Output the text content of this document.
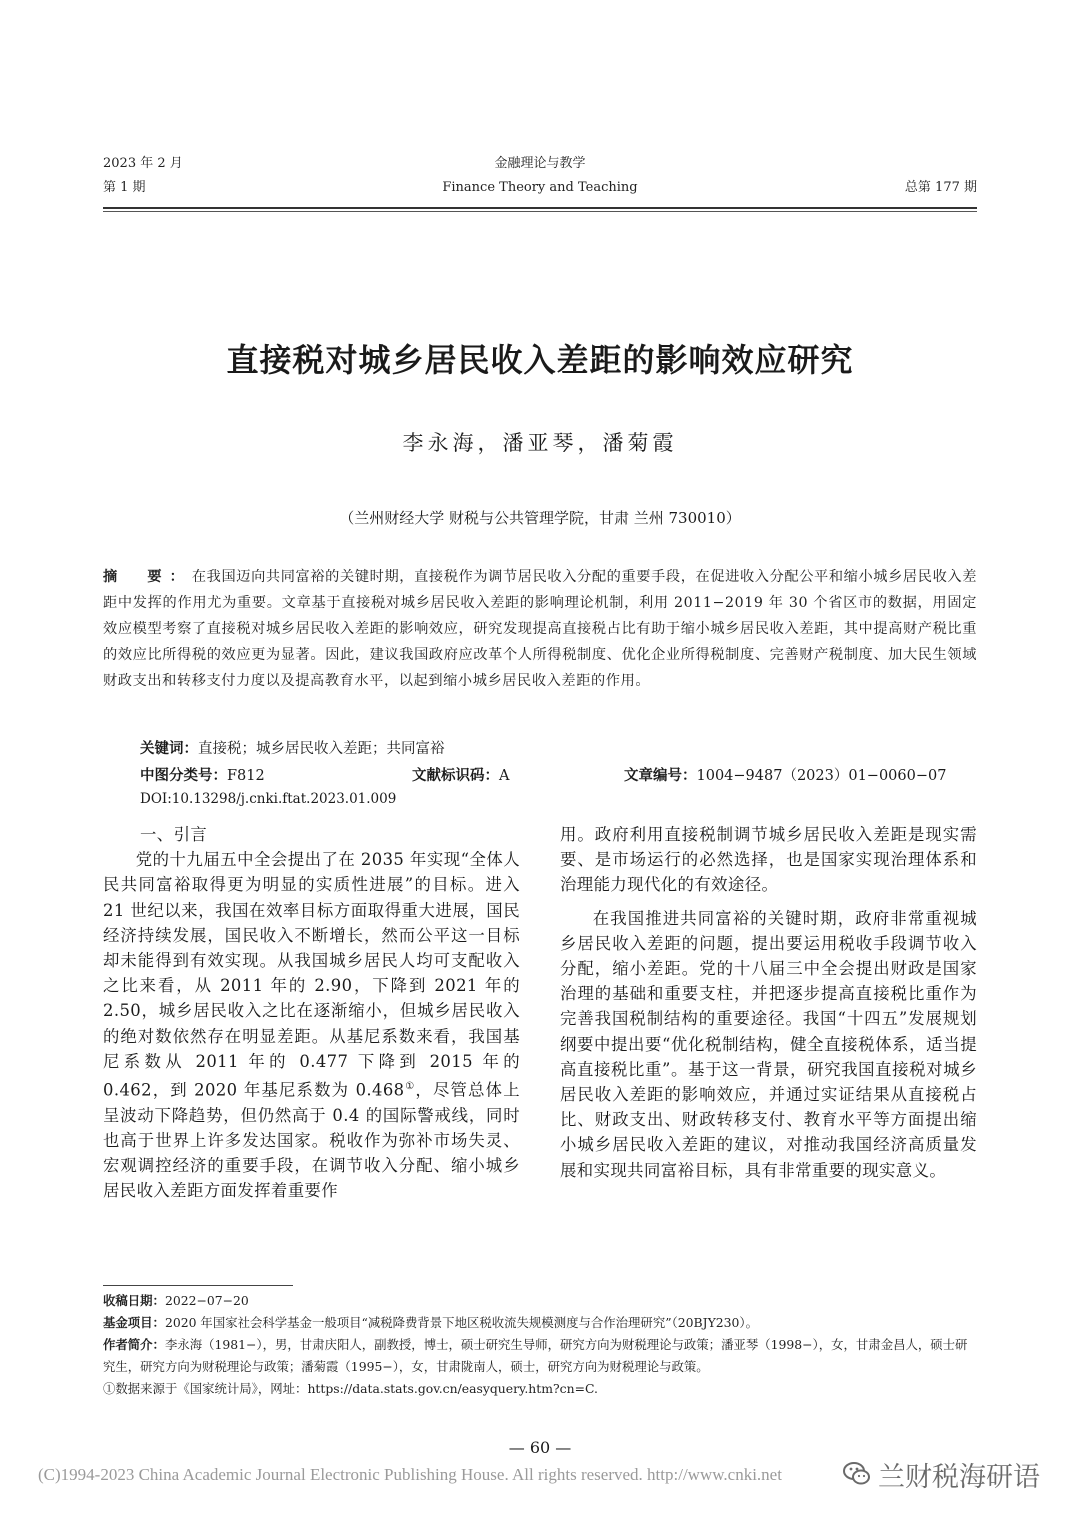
2023 年 2 月
第 1 期
金融理论与教学
Finance Theory and Teaching	总第 177 期
直接税对城乡居民收入差距的影响效应研究
李永海，潘亚琴，潘菊霞
（兰州财经大学 财税与公共管理学院，甘肃 兰州 730010）
摘　要：在我国迈向共同富裕的关键时期，直接税作为调节居民收入分配的重要手段，在促进收入分配公平和缩小城乡居民收入差距中发挥的作用尤为重要。文章基于直接税对城乡居民收入差距的影响理论机制，利用 2011−2019 年 30 个省区市的数据，用固定效应模型考察了直接税对城乡居民收入差距的影响效应，研究发现提高直接税占比有助于缩小城乡居民收入差距，其中提高财产税比重的效应比所得税的效应更为显著。因此，建议我国政府应改革个人所得税制度、优化企业所得税制度、完善财产税制度、加大民生领域财政支出和转移支付力度以及提高教育水平，以起到缩小城乡居民收入差距的作用。
关键词：直接税；城乡居民收入差距；共同富裕
中图分类号：F812	文献标识码：A	文章编号：1004−9487（2023）01−0060−07
DOI:10.13298/j.cnki.ftat.2023.01.009
一、引言

党的十九届五中全会提出了在 2035 年实现“全体人民共同富裕取得更为明显的实质性进展”的目标。进入 21 世纪以来，我国在效率目标方面取得重大进展，国民经济持续发展，国民收入不断增长，然而公平这一目标却未能得到有效实现。从我国城乡居民人均可支配收入之比来看，从 2011 年的 2.90，下降到 2021 年的 2.50，城乡居民收入之比在逐渐缩小，但城乡居民收入的绝对数依然存在明显差距。从基尼系数来看，我国基尼系数从 2011 年的 0.477 下降到 2015 年的 0.462，到 2020 年基尼系数为 0.468①，尽管总体上呈波动下降趋势，但仍然高于 0.4 的国际警戒线，同时也高于世界上许多发达国家。税收作为弥补市场失灵、宏观调控经济的重要手段，在调节收入分配、缩小城乡居民收入差距方面发挥着重要作

用。政府利用直接税制调节城乡居民收入差距是现实需要、是市场运行的必然选择，也是国家实现治理体系和治理能力现代化的有效途径。

在我国推进共同富裕的关键时期，政府非常重视城乡居民收入差距的问题，提出要运用税收手段调节收入分配，缩小差距。党的十八届三中全会提出财政是国家治理的基础和重要支柱，并把逐步提高直接税比重作为完善我国税制结构的重要途径。我国“十四五”发展规划纲要中提出要“优化税制结构，健全直接税体系，适当提高直接税比重”。基于这一背景，研究我国直接税对城乡居民收入差距的影响效应，并通过实证结果从直接税占比、财政支出、财政转移支付、教育水平等方面提出缩小城乡居民收入差距的建议，对推动我国经济高质量发展和实现共同富裕目标，具有非常重要的现实意义。

收稿日期：2022−07−20

基金项目：2020 年国家社会科学基金一般项目“减税降费背景下地区税收流失规模测度与合作治理研究”（20BJY230）。

作者简介：李永海（1981−），男，甘肃庆阳人，副教授，博士，硕士研究生导师，研究方向为财税理论与政策；潘亚琴（1998−），女，甘肃金昌人，硕士研究生，研究方向为财税理论与政策；潘菊霞（1995−），女，甘肃陇南人，硕士，研究方向为财税理论与政策。

①数据来源于《国家统计局》，网址：https://data.stats.gov.cn/easyquery.htm?cn=C.

— 60 —
(C)1994-2023 China Academic Journal Electronic Publishing House. All rights reserved. http://www.cnki.net	兰财税海研语
